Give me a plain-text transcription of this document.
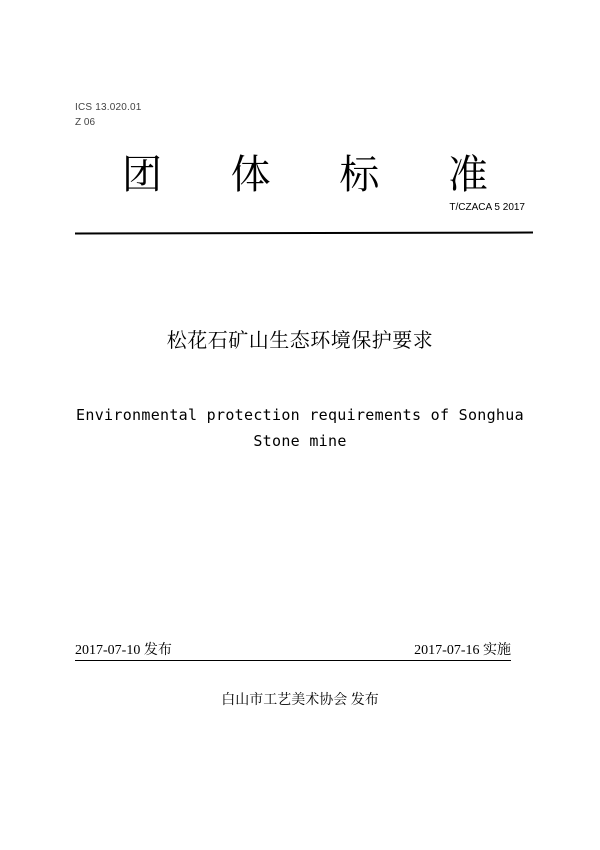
ICS 13.020.01
Z 06
团 体 标 准
T/CZACA 5 2017
松花石矿山生态环境保护要求
Environmental protection requirements of Songhua
Stone mine
2017-07-10 发布	2017-07-16 实施
白山市工艺美术协会 发布
